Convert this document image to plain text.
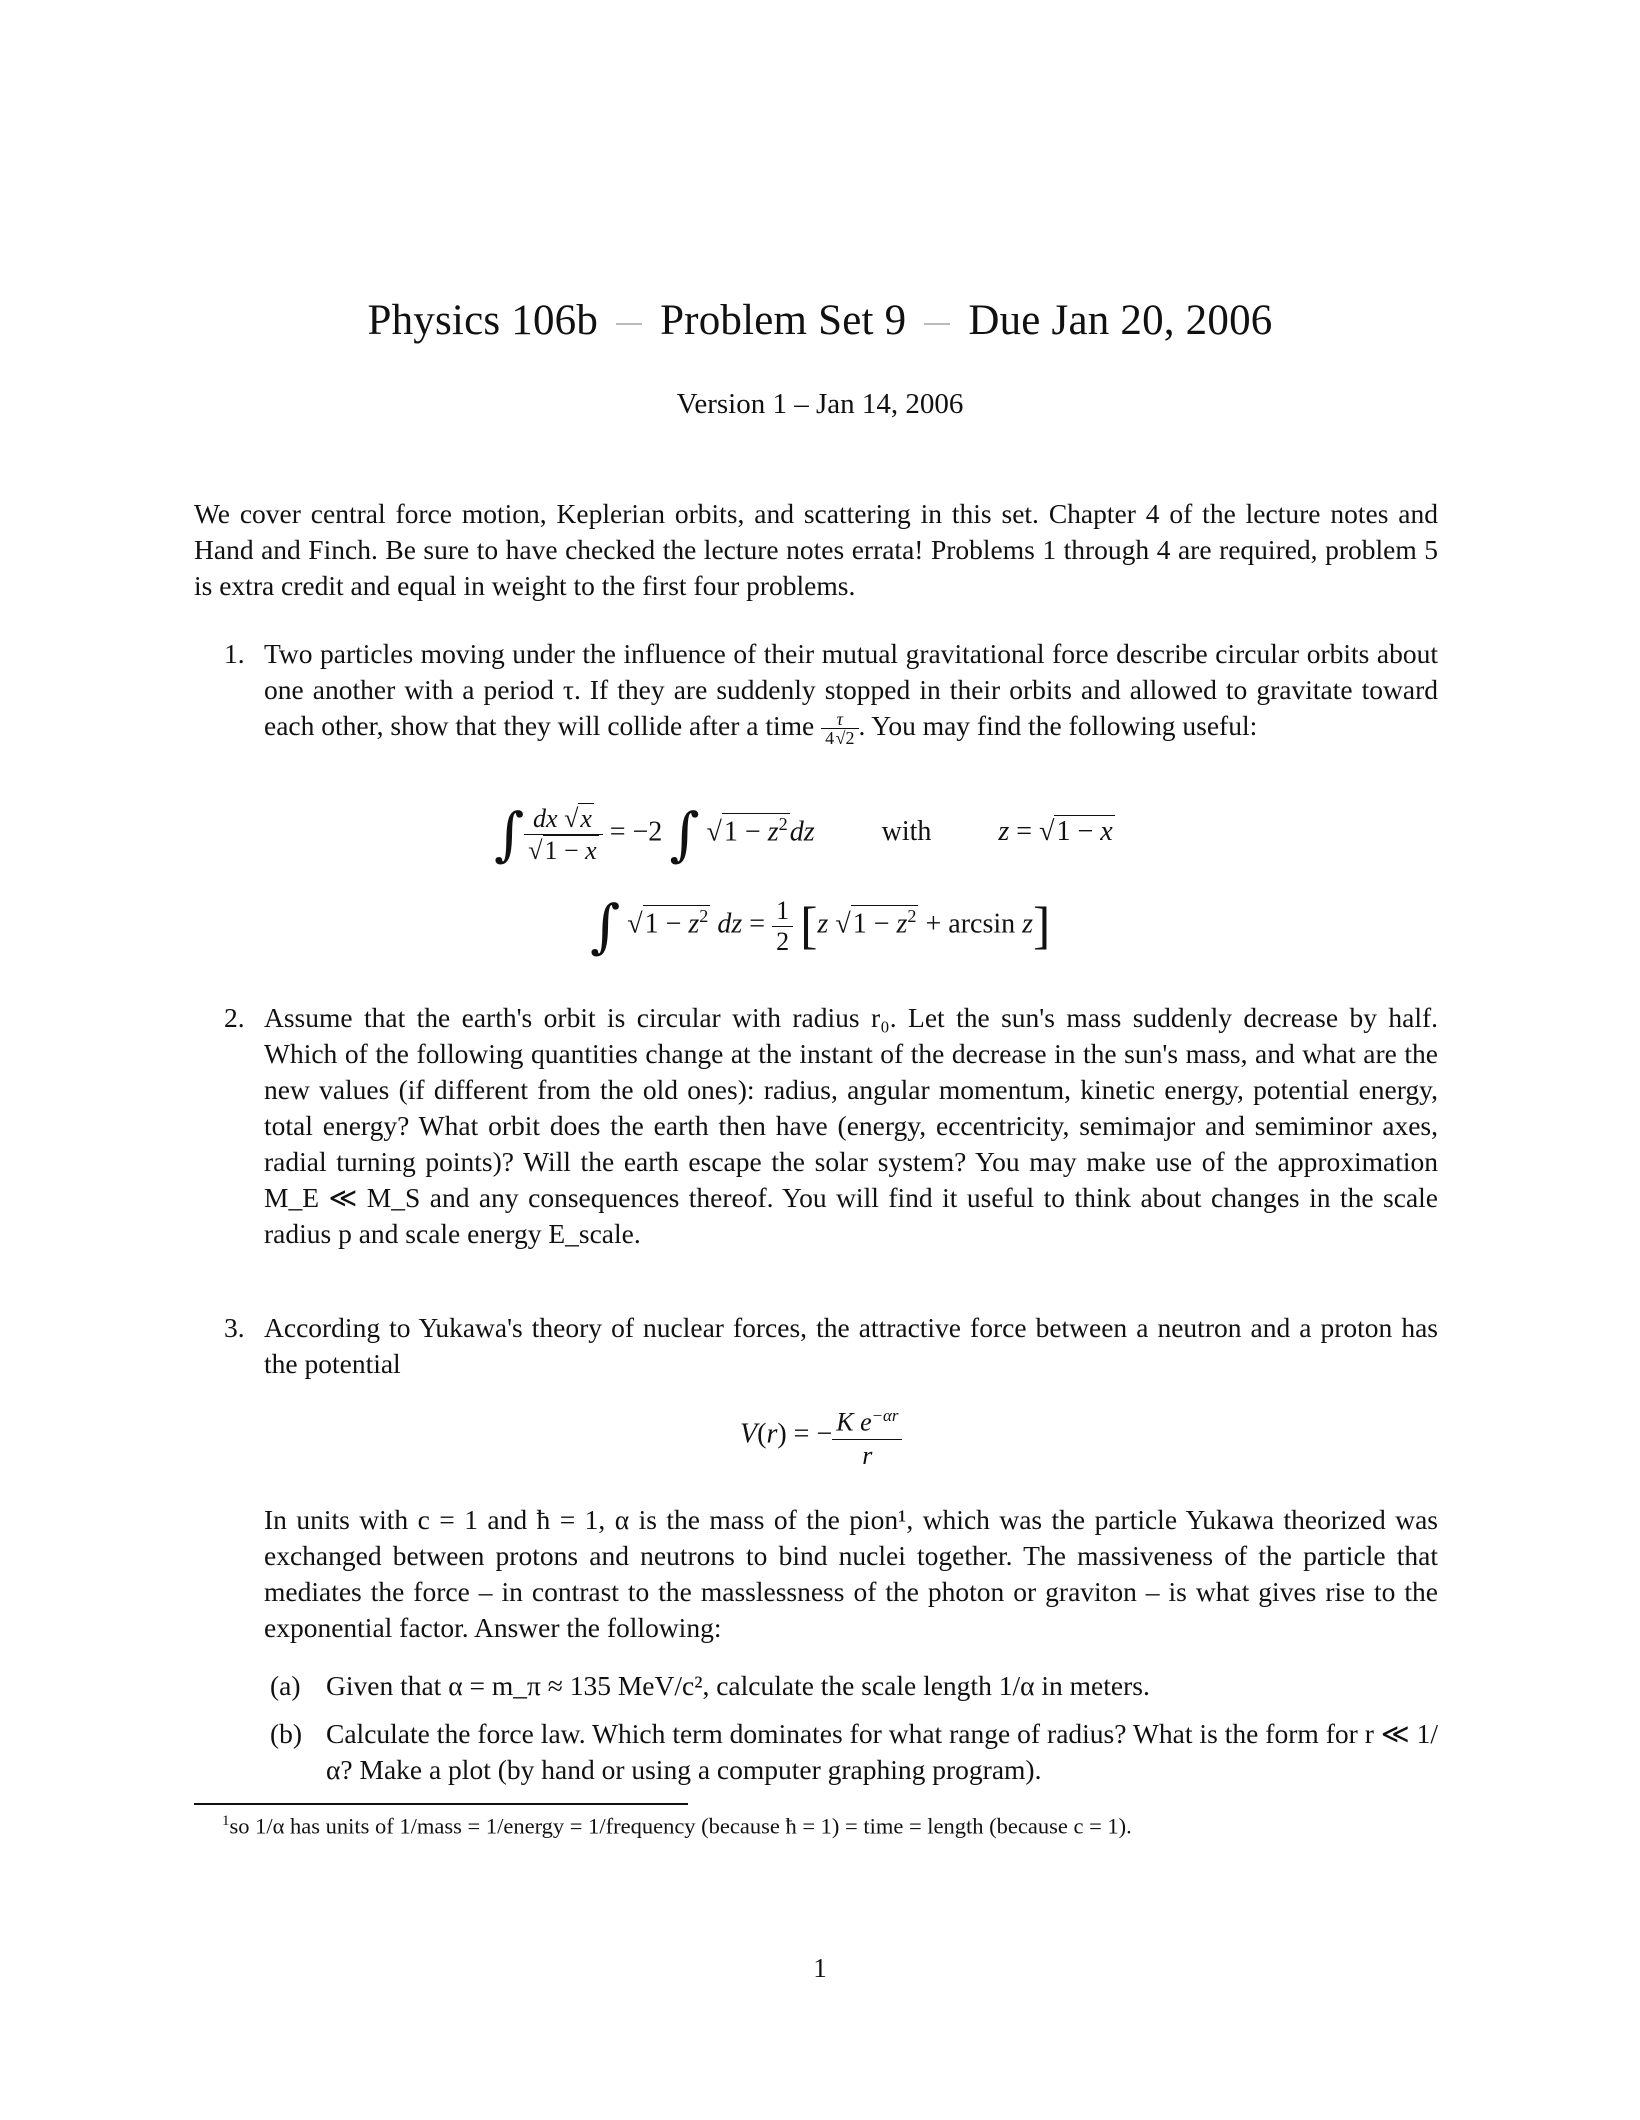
Physics 106b Problem Set 9 Due Jan 20, 2006
Version 1 – Jan 14, 2006
We cover central force motion, Keplerian orbits, and scattering in this set. Chapter 4 of the lecture notes and Hand and Finch. Be sure to have checked the lecture notes errata! Problems 1 through 4 are required, problem 5 is extra credit and equal in weight to the first four problems.
1. Two particles moving under the influence of their mutual gravitational force describe circular orbits about one another with a period τ. If they are suddenly stopped in their orbits and allowed to gravitate toward each other, show that they will collide after a time $\frac{\tau}{4 √2}$ . You may find the following useful:
∫ $\frac{dx √x}{√1 - x} = -2$ ∫ $√1 - z^2dz$ with z = √1 − x
∫ $√1 - z^2$ dz = $\frac{1}{2} [z$ $√1 - z^2 + \arcsin z$]
2. Assume that the earth's orbit is circular with radius r₀. Let the sun's mass suddenly decrease by half. Which of the following quantities change at the instant of the decrease in the sun's mass, and what are the new values (if different from the old ones): radius, angular momentum, kinetic energy, potential energy, total energy? What orbit does the earth then have (energy, eccentricity, semimajor and semiminor axes, radial turning points)? Will the earth escape the solar system? You may make use of the approximation M_E ≪ M_S and any consequences thereof. You will find it useful to think about changes in the scale radius p and scale energy E_scale.
3. According to Yukawa's theory of nuclear forces, the attractive force between a neutron and a proton has the potential
V(r) = − $\frac{K e^{-\alpha r}}{r}$
In units with c = 1 and ħ = 1, α is the mass of the pion¹, which was the particle Yukawa theorized was exchanged between protons and neutrons to bind nuclei together. The massiveness of the particle that mediates the force – in contrast to the masslessness of the photon or graviton – is what gives rise to the exponential factor. Answer the following:
(a) Given that α = m_π ≈ 135 MeV/c², calculate the scale length 1/α in meters.
(b) Calculate the force law. Which term dominates for what range of radius? What is the form for r ≪ 1/α? Make a plot (by hand or using a computer graphing program).
$^1$so 1/α has units of 1/mass = 1/energy = 1/frequency (because ħ = 1) = time = length (because c = 1).
1
